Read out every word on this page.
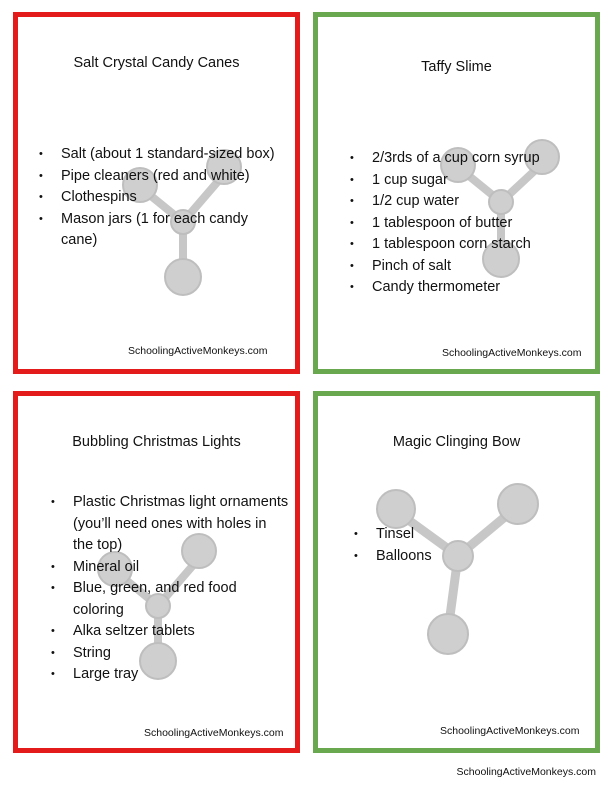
Salt Crystal Candy Canes
• Salt (about 1 standard-sized box)
• Pipe cleaners (red and white)
• Clothespins
• Mason jars (1 for each candy cane)
SchoolingActiveMonkeys.com
Taffy Slime
• 2/3rds of a cup corn syrup
• 1 cup sugar
• 1/2 cup water
• 1 tablespoon of butter
• 1 tablespoon corn starch
• Pinch of salt
• Candy thermometer
SchoolingActiveMonkeys.com
Bubbling Christmas Lights
• Plastic Christmas light ornaments (you’ll need ones with holes in the top)
• Mineral oil
• Blue, green, and red food coloring
• Alka seltzer tablets
• String
• Large tray
SchoolingActiveMonkeys.com
Magic Clinging Bow
• Tinsel
• Balloons
SchoolingActiveMonkeys.com
SchoolingActiveMonkeys.com
